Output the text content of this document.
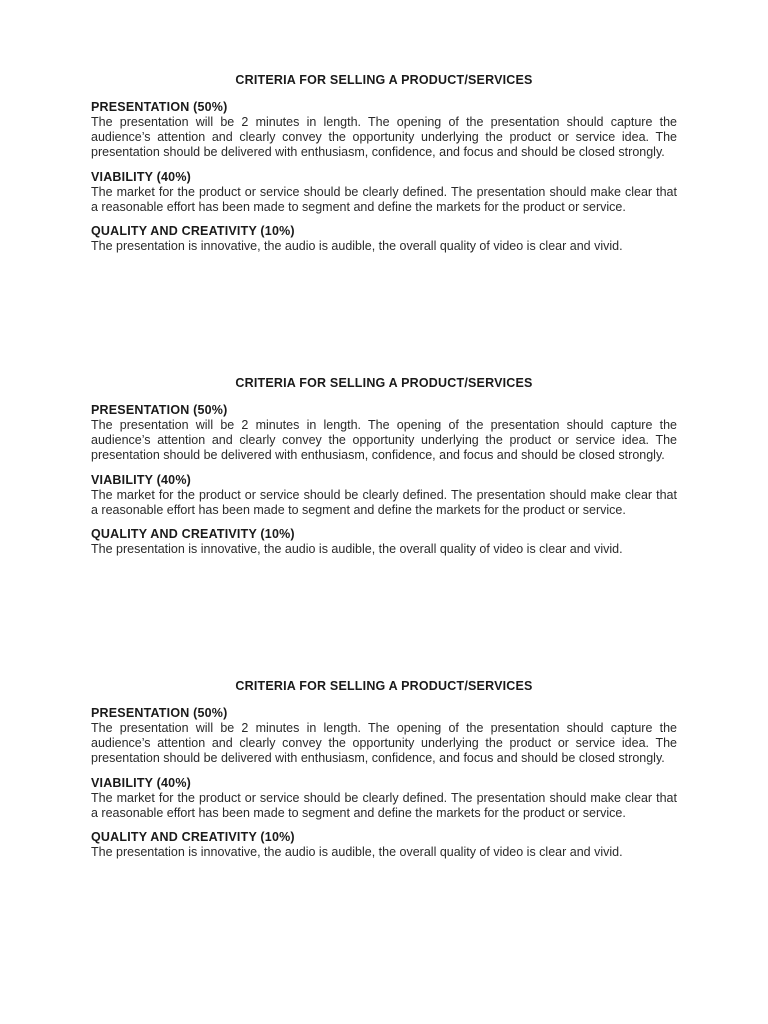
CRITERIA FOR SELLING A PRODUCT/SERVICES
PRESENTATION (50%)
The presentation will be 2 minutes in length. The opening of the presentation should capture the audience’s attention and clearly convey the opportunity underlying the product or service idea. The presentation should be delivered with enthusiasm, confidence, and focus and should be closed strongly.
VIABILITY (40%)
The market for the product or service should be clearly defined. The presentation should make clear that a reasonable effort has been made to segment and define the markets for the product or service.
QUALITY AND CREATIVITY (10%)
The presentation is innovative, the audio is audible, the overall quality of video is clear and vivid.
CRITERIA FOR SELLING A PRODUCT/SERVICES
PRESENTATION (50%)
The presentation will be 2 minutes in length. The opening of the presentation should capture the audience’s attention and clearly convey the opportunity underlying the product or service idea. The presentation should be delivered with enthusiasm, confidence, and focus and should be closed strongly.
VIABILITY (40%)
The market for the product or service should be clearly defined. The presentation should make clear that a reasonable effort has been made to segment and define the markets for the product or service.
QUALITY AND CREATIVITY (10%)
The presentation is innovative, the audio is audible, the overall quality of video is clear and vivid.
CRITERIA FOR SELLING A PRODUCT/SERVICES
PRESENTATION (50%)
The presentation will be 2 minutes in length. The opening of the presentation should capture the audience’s attention and clearly convey the opportunity underlying the product or service idea. The presentation should be delivered with enthusiasm, confidence, and focus and should be closed strongly.
VIABILITY (40%)
The market for the product or service should be clearly defined. The presentation should make clear that a reasonable effort has been made to segment and define the markets for the product or service.
QUALITY AND CREATIVITY (10%)
The presentation is innovative, the audio is audible, the overall quality of video is clear and vivid.
